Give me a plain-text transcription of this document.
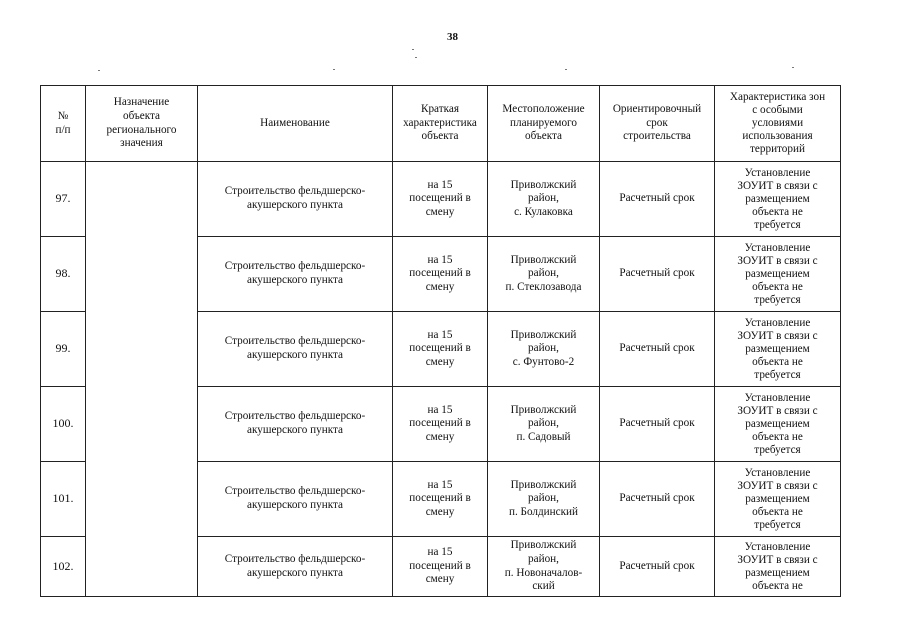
38
№
п/п	Назначение
объекта
регионального
значения	Наименование	Краткая
характеристика
объекта	Местоположение
планируемого
объекта	Ориентировочный
срок
строительства	Характеристика зон
с особыми
условиями
использования
территорий

97.		Строительство фельдшерско-
акушерского пункта	на 15
посещений в
смену	Приволжский
район,
с. Кулаковка	Расчетный срок	Установление
ЗОУИТ в связи с
размещением
объекта не
требуется

98.		Строительство фельдшерско-
акушерского пункта	на 15
посещений в
смену	Приволжский
район,
п. Стеклозавода	Расчетный срок	Установление
ЗОУИТ в связи с
размещением
объекта не
требуется

99.		Строительство фельдшерско-
акушерского пункта	на 15
посещений в
смену	Приволжский
район,
с. Фунтово-2	Расчетный срок	Установление
ЗОУИТ в связи с
размещением
объекта не
требуется

100.		Строительство фельдшерско-
акушерского пункта	на 15
посещений в
смену	Приволжский
район,
п. Садовый	Расчетный срок	Установление
ЗОУИТ в связи с
размещением
объекта не
требуется

101.		Строительство фельдшерско-
акушерского пункта	на 15
посещений в
смену	Приволжский
район,
п. Болдинский	Расчетный срок	Установление
ЗОУИТ в связи с
размещением
объекта не
требуется

102.		Строительство фельдшерско-
акушерского пункта	на 15
посещений в
смену	Приволжский
район,
п. Новоначалов-
ский	Расчетный срок	Установление
ЗОУИТ в связи с
размещением
объекта не
